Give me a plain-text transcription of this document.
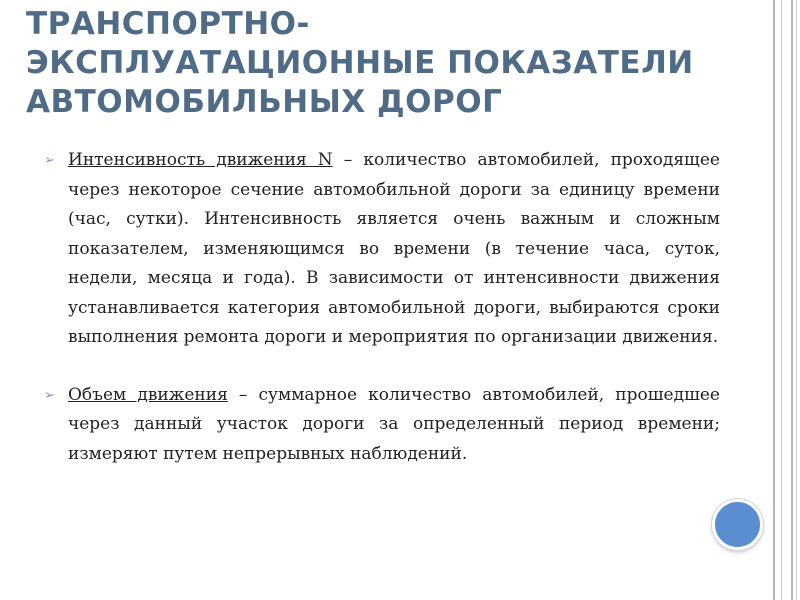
ТРАНСПОРТНО-
ЭКСПЛУАТАЦИОННЫЕ ПОКАЗАТЕЛИ
АВТОМОБИЛЬНЫХ ДОРОГ
➢ Интенсивность движения N – количество автомобилей, проходящее через некоторое сечение автомобильной дороги за единицу времени (час, сутки). Интенсивность является очень важным и сложным показателем, изменяющимся во времени (в течение часа, суток, недели, месяца и года). В зависимости от интенсивности движения устанавливается категория автомобильной дороги, выбираются сроки выполнения ремонта дороги и мероприятия по организации движения.
➢ Объем движения – суммарное количество автомобилей, прошедшее через данный участок дороги за определенный период времени; измеряют путем непрерывных наблюдений.
